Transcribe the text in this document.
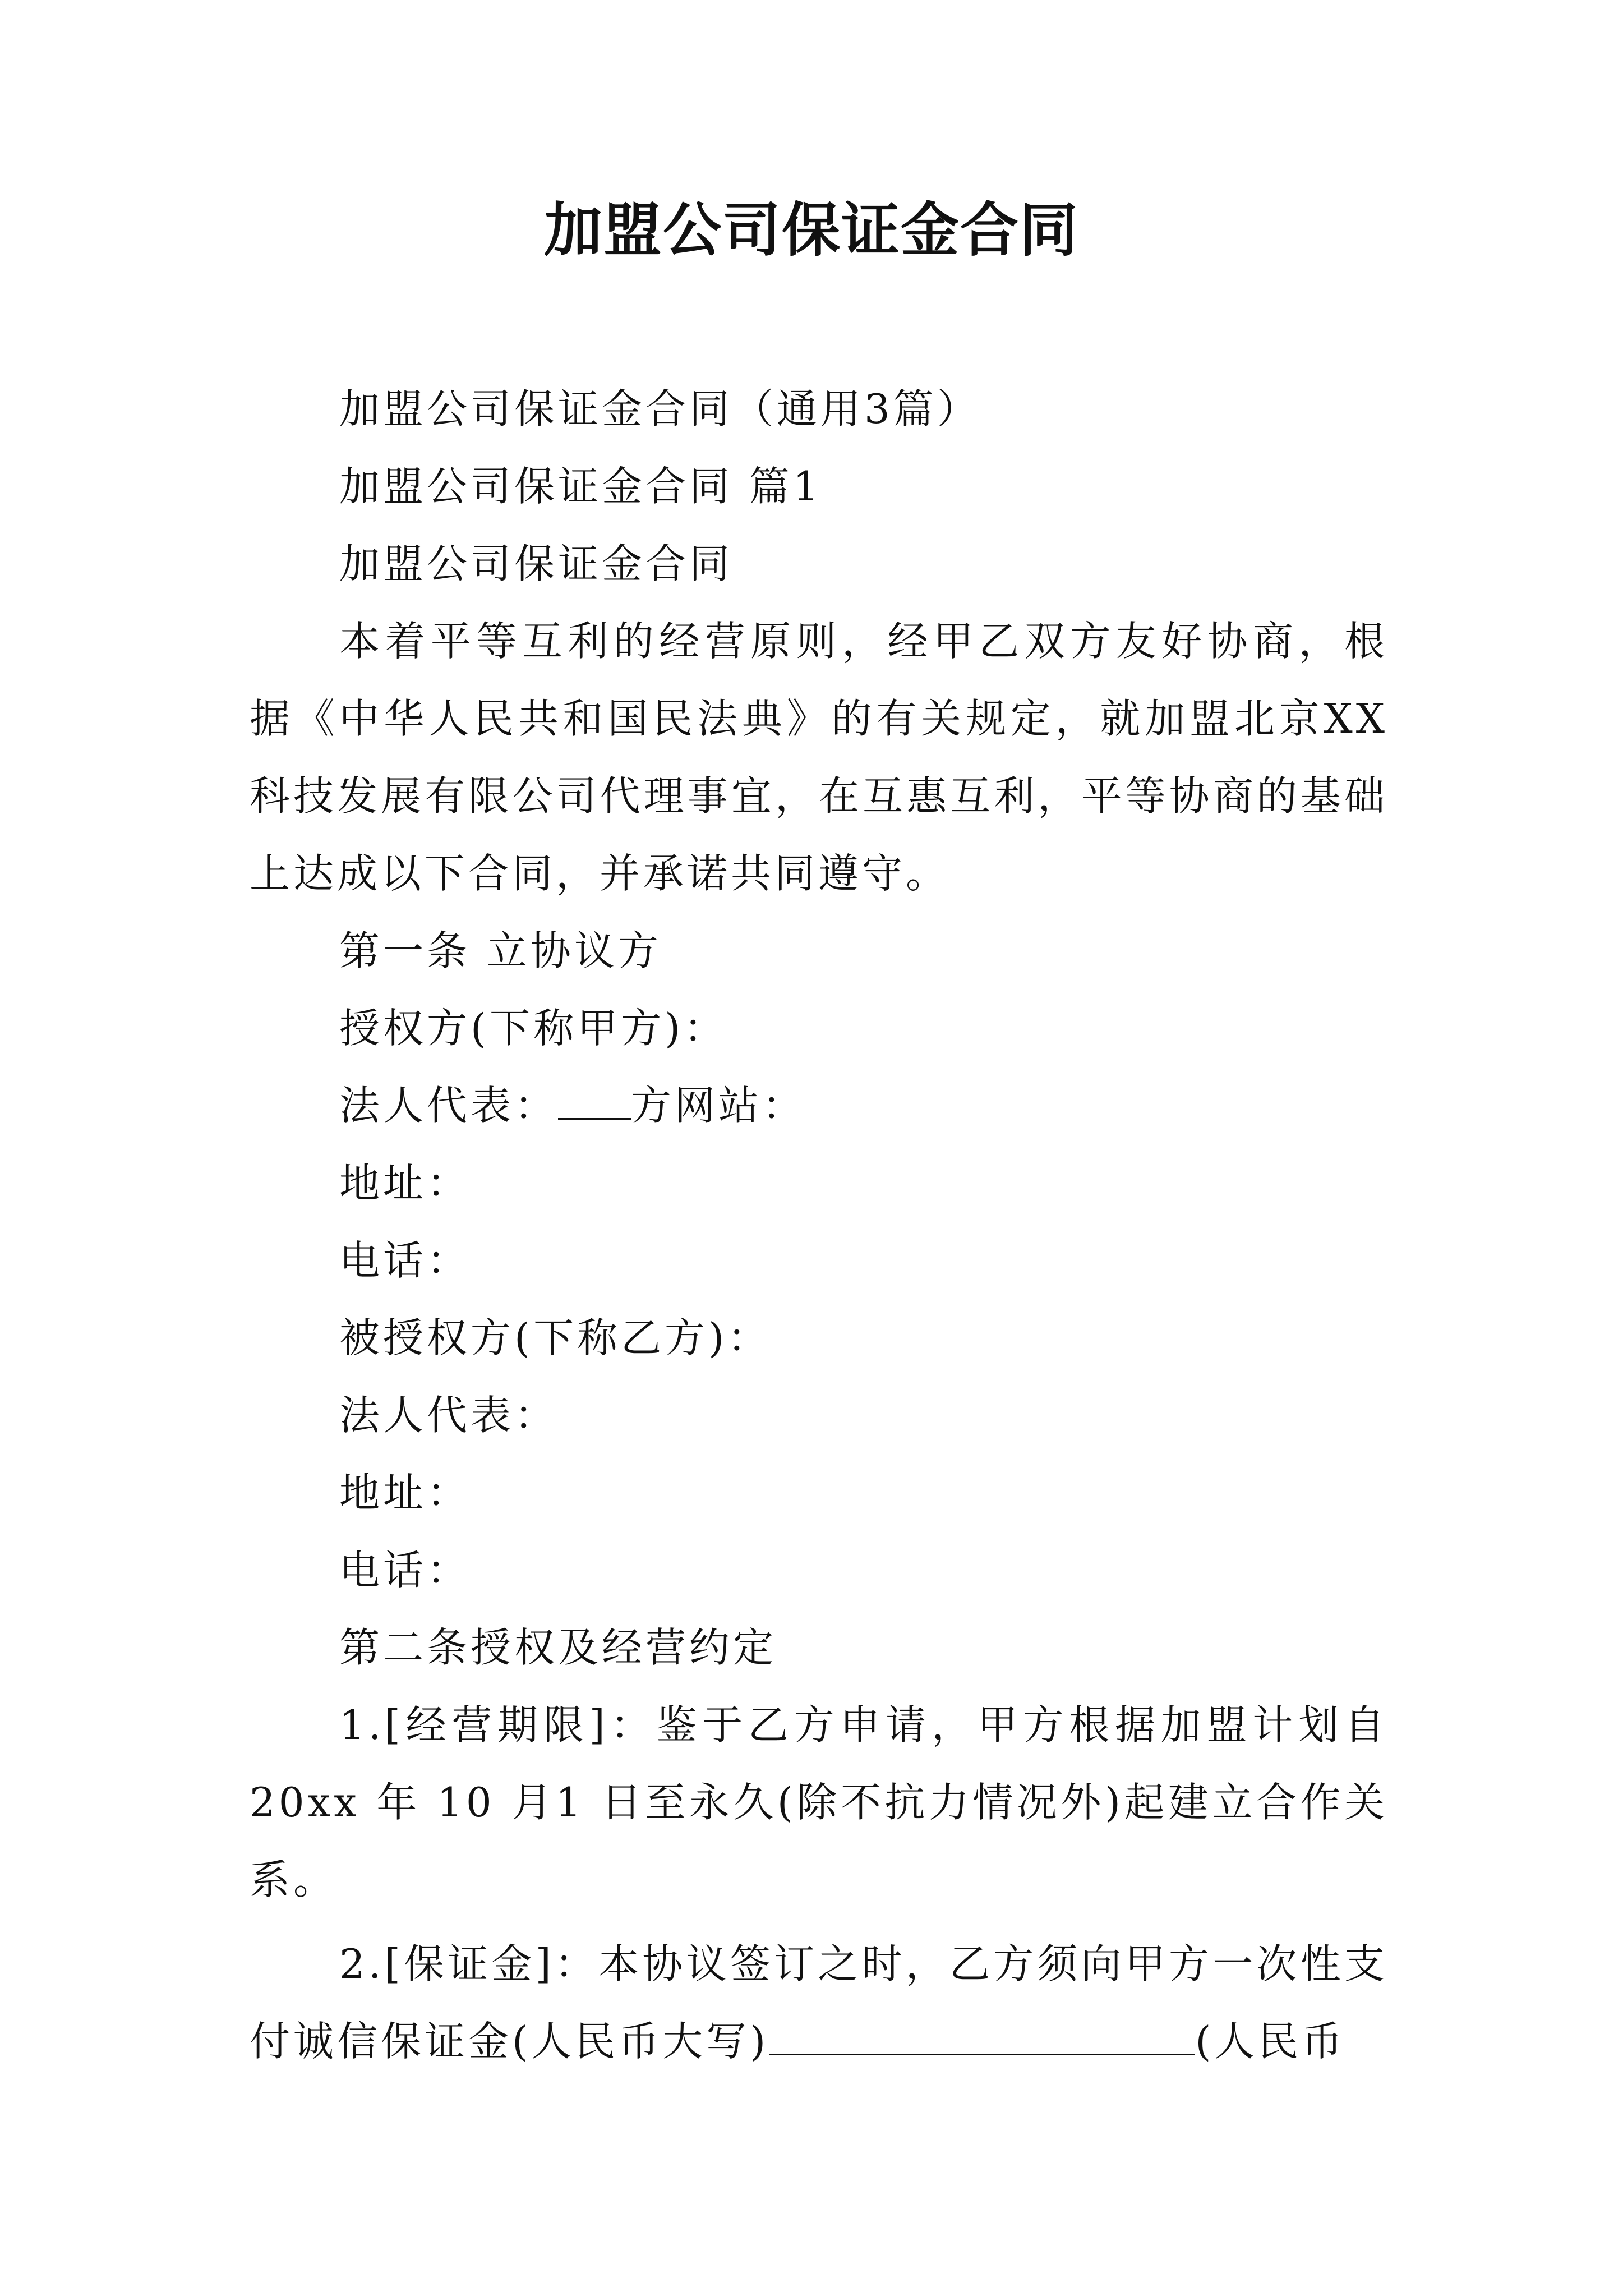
加盟公司保证金合同

加盟公司保证金合同（通用3篇）

加盟公司保证金合同 篇1

加盟公司保证金合同

本着平等互利的经营原则，经甲乙双方友好协商，根据《中华人民共和国民法典》的有关规定，就加盟北京XX科技发展有限公司代理事宜，在互惠互利，平等协商的基础上达成以下合同，并承诺共同遵守。

第一条 立协议方

授权方(下称甲方)：

法人代表： 方网站：

地址：

电话：

被授权方(下称乙方)：

法人代表：

地址：

电话：

第二条授权及经营约定

1.[经营期限]：鉴于乙方申请，甲方根据加盟计划自20xx 年 10 月1 日至永久(除不抗力情况外)起建立合作关系。

2.[保证金]：本协议签订之时，乙方须向甲方一次性支付诚信保证金(人民币大写)	(人民币
